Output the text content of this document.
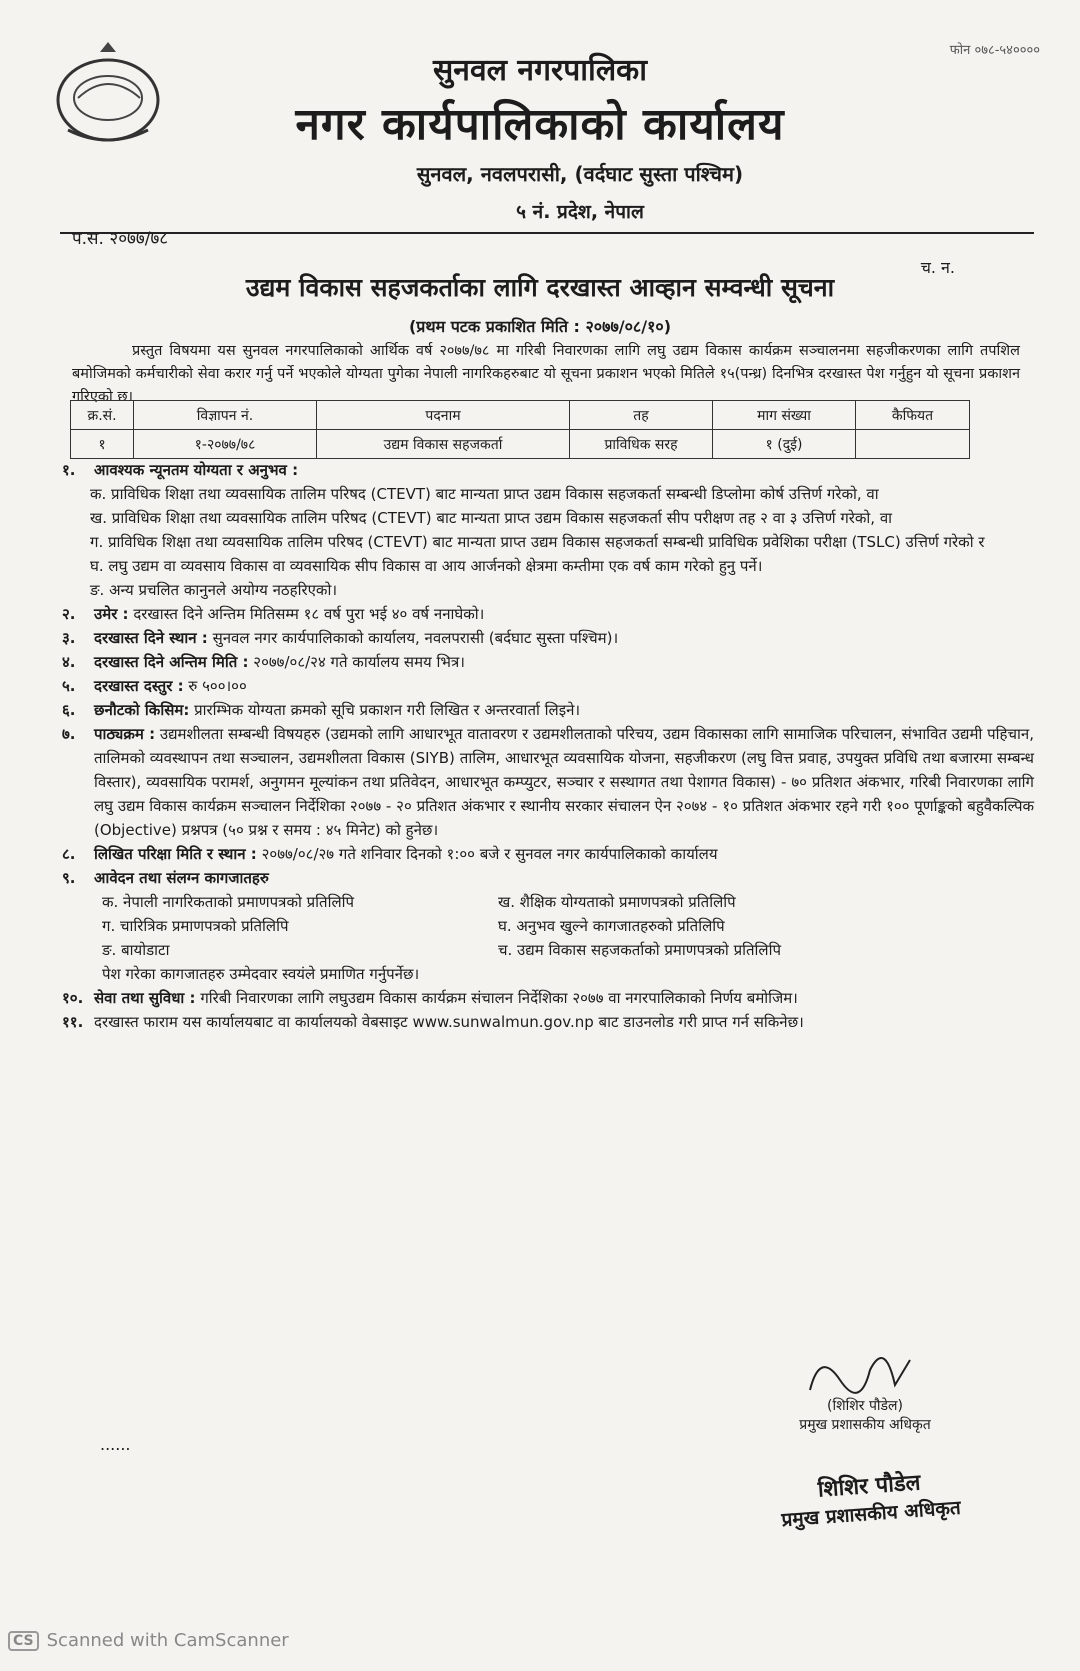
फोन ०७८-५४००००
सुनवल नगरपालिका
नगर कार्यपालिकाको कार्यालय
सुनवल, नवलपरासी, (वर्दघाट सुस्ता पश्चिम)
५ नं. प्रदेश, नेपाल
प.स. २०७७/७८
च. न.
उद्यम विकास सहजकर्ताका लागि दरखास्त आव्हान सम्वन्धी सूचना
(प्रथम पटक प्रकाशित मिति : २०७७/०८/१०)
प्रस्तुत विषयमा यस सुनवल नगरपालिकाको आर्थिक वर्ष २०७७/७८ मा गरिबी निवारणका लागि लघु उद्यम विकास कार्यक्रम सञ्चालनमा सहजीकरणका लागि तपशिल बमोजिमको कर्मचारीको सेवा करार गर्नु पर्ने भएकोले योग्यता पुगेका नेपाली नागरिकहरुबाट यो सूचना प्रकाशन भएको मितिले १५(पन्ध्र) दिनभित्र दरखास्त पेश गर्नुहुन यो सूचना प्रकाशन गरिएको छ।
क्र.सं.	विज्ञापन नं.	पदनाम	तह	माग संख्या	कैफियत
१	१-२०७७/७८	उद्यम विकास सहजकर्ता	प्राविधिक सरह	१ (दुई)	

१. आवश्यक न्यूनतम योग्यता र अनुभव :

क. प्राविधिक शिक्षा तथा व्यवसायिक तालिम परिषद (CTEVT) बाट मान्यता प्राप्त उद्यम विकास सहजकर्ता सम्बन्धी डिप्लोमा कोर्ष उत्तिर्ण गरेको, वा

ख. प्राविधिक शिक्षा तथा व्यवसायिक तालिम परिषद (CTEVT) बाट मान्यता प्राप्त उद्यम विकास सहजकर्ता सीप परीक्षण तह २ वा ३ उत्तिर्ण गरेको, वा

ग. प्राविधिक शिक्षा तथा व्यवसायिक तालिम परिषद (CTEVT) बाट मान्यता प्राप्त उद्यम विकास सहजकर्ता सम्बन्धी प्राविधिक प्रवेशिका परीक्षा (TSLC) उत्तिर्ण गरेको र

घ. लघु उद्यम वा व्यवसाय विकास वा व्यवसायिक सीप विकास वा आय आर्जनको क्षेत्रमा कम्तीमा एक वर्ष काम गरेको हुनु पर्ने।

ङ. अन्य प्रचलित कानुनले अयोग्य नठहरिएको।

२. उमेर : दरखास्त दिने अन्तिम मितिसम्म १८ वर्ष पुरा भई ४० वर्ष ननाघेको।

३. दरखास्त दिने स्थान : सुनवल नगर कार्यपालिकाको कार्यालय, नवलपरासी (बर्दघाट सुस्ता पश्चिम)।

४. दरखास्त दिने अन्तिम मिति : २०७७/०८/२४ गते कार्यालय समय भित्र।

५. दरखास्त दस्तुर : रु ५००।००

६. छनौटको किसिम: प्रारम्भिक योग्यता क्रमको सूचि प्रकाशन गरी लिखित र अन्तरवार्ता लिइने।

७. पाठ्यक्रम : उद्यमशीलता सम्बन्धी विषयहरु (उद्यमको लागि आधारभूत वातावरण र उद्यमशीलताको परिचय, उद्यम विकासका लागि सामाजिक परिचालन, संभावित उद्यमी पहिचान, तालिमको व्यवस्थापन तथा सञ्चालन, उद्यमशीलता विकास (SIYB) तालिम, आधारभूत व्यवसायिक योजना, सहजीकरण (लघु वित्त प्रवाह, उपयुक्त प्रविधि तथा बजारमा सम्बन्ध विस्तार), व्यवसायिक परामर्श, अनुगमन मूल्यांकन तथा प्रतिवेदन, आधारभूत कम्प्युटर, सञ्चार र सस्थागत तथा पेशागत विकास) - ७० प्रतिशत अंकभार, गरिबी निवारणका लागि लघु उद्यम विकास कार्यक्रम सञ्चालन निर्देशिका २०७७ - २० प्रतिशत अंकभार र स्थानीय सरकार संचालन ऐन २०७४ - १० प्रतिशत अंकभार रहने गरी १०० पूर्णाङ्कको बहुवैकल्पिक (Objective) प्रश्नपत्र (५० प्रश्न र समय : ४५ मिनेट) को हुनेछ।

८. लिखित परिक्षा मिति र स्थान : २०७७/०८/२७ गते शनिवार दिनको १:०० बजे र सुनवल नगर कार्यपालिकाको कार्यालय

९. आवेदन तथा संलग्न कागजातहरु

क. नेपाली नागरिकताको प्रमाणपत्रको प्रतिलिपि	ख. शैक्षिक योग्यताको प्रमाणपत्रको प्रतिलिपि
ग. चारित्रिक प्रमाणपत्रको प्रतिलिपि	घ. अनुभव खुल्ने कागजातहरुको प्रतिलिपि
ङ. बायोडाटा	च. उद्यम विकास सहजकर्ताको प्रमाणपत्रको प्रतिलिपि
पेश गरेका कागजातहरु उम्मेदवार स्वयंले प्रमाणित गर्नुपर्नेछ।

१०. सेवा तथा सुविधा : गरिबी निवारणका लागि लघुउद्यम विकास कार्यक्रम संचालन निर्देशिका २०७७ वा नगरपालिकाको निर्णय बमोजिम।

११. दरखास्त फाराम यस कार्यालयबाट वा कार्यालयको वेबसाइट www.sunwalmun.gov.np बाट डाउनलोड गरी प्राप्त गर्न सकिनेछ।

(शिशिर पौडेल)
प्रमुख प्रशासकीय अधिकृत
......
शिशिर पौडेल
प्रमुख प्रशासकीय अधिकृत
CS Scanned with CamScanner
